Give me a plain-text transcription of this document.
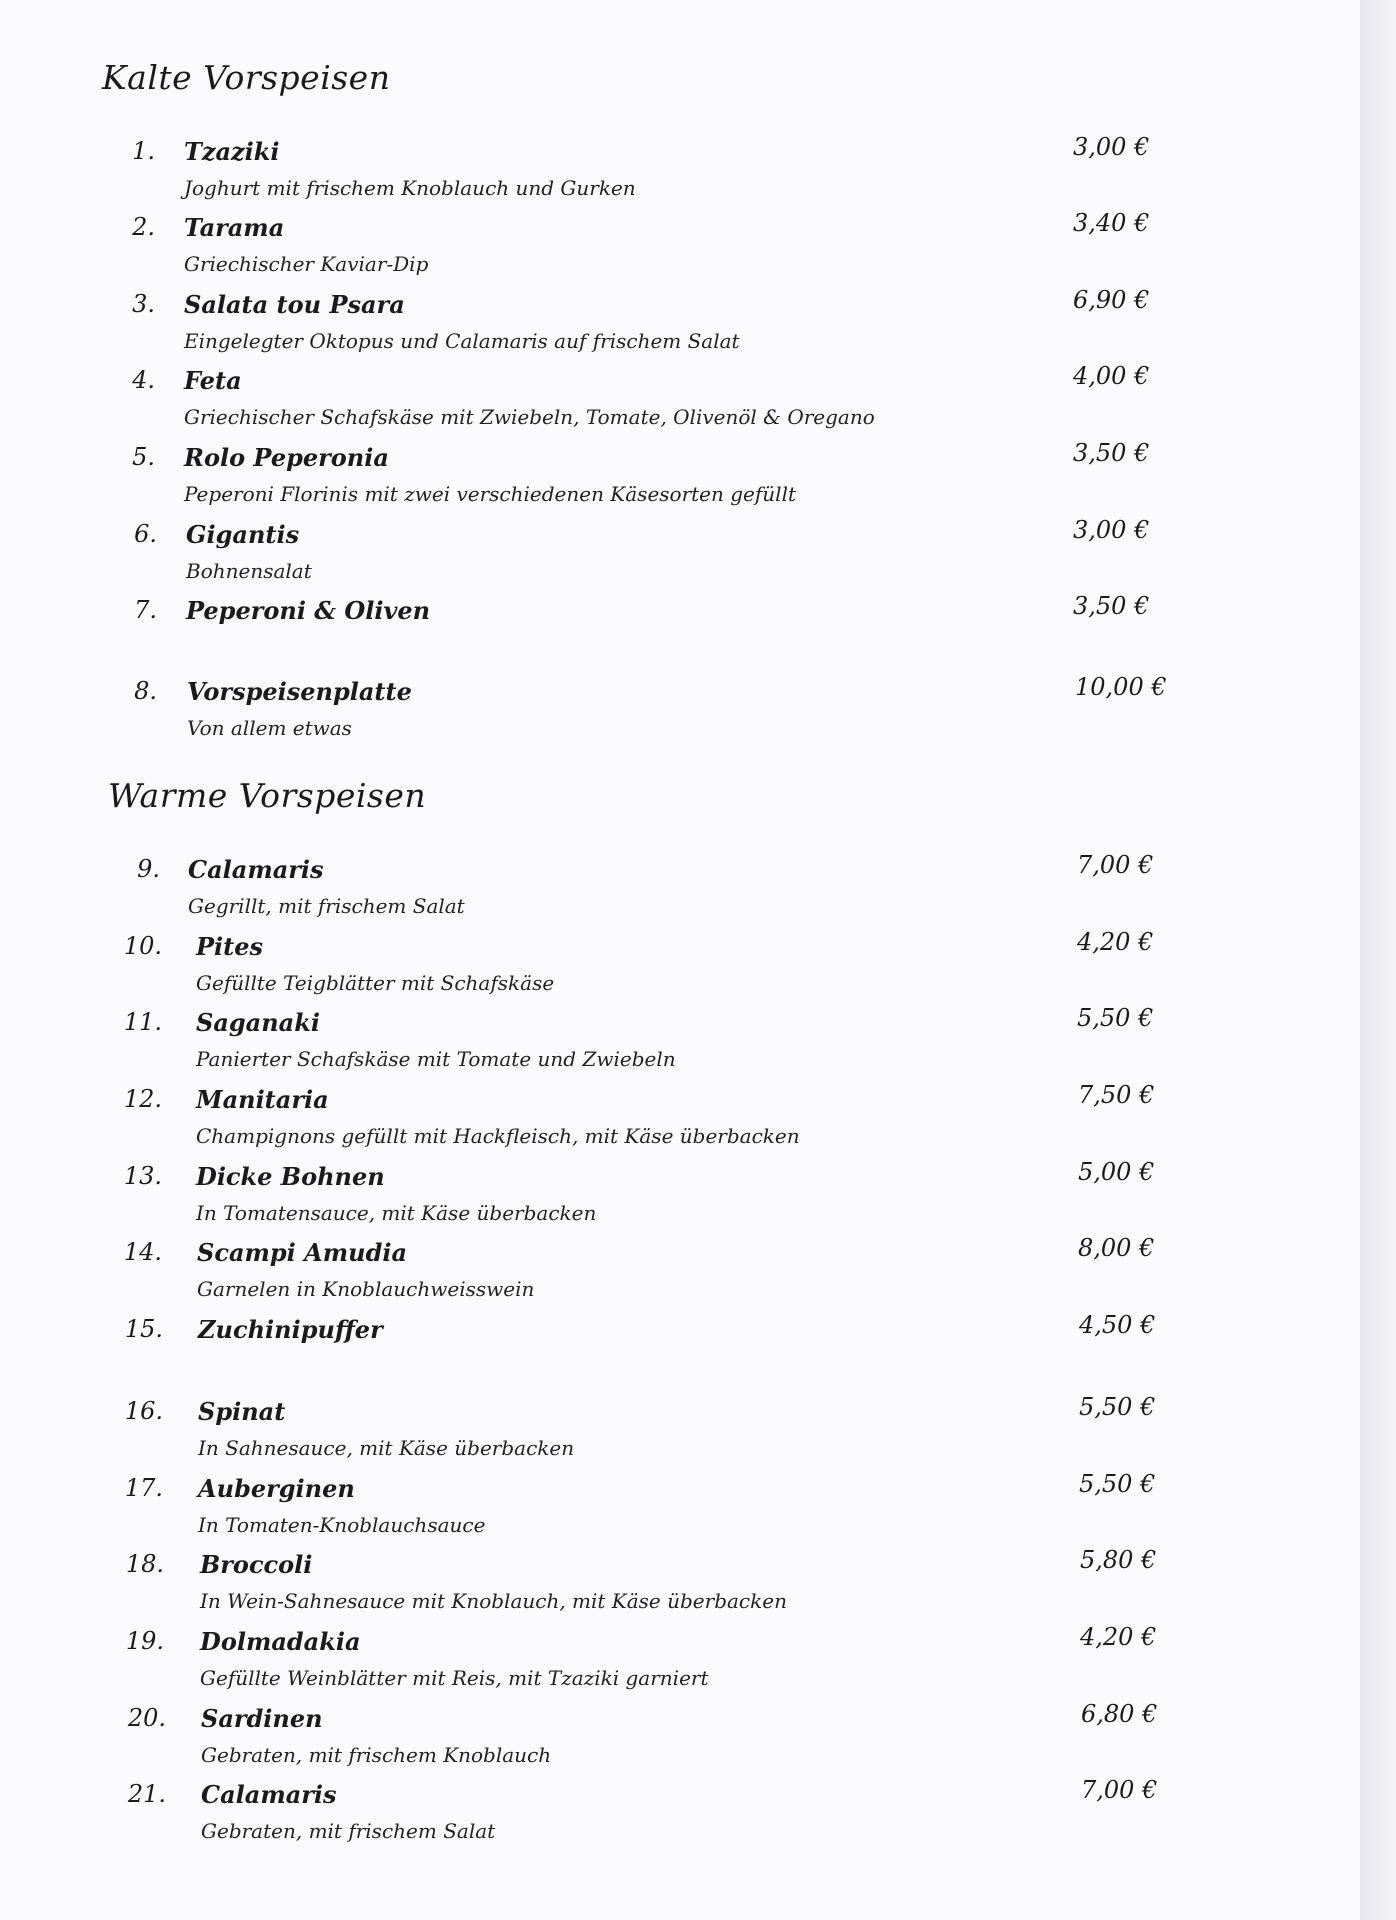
Kalte Vorspeisen
Warme Vorspeisen
1. Tzaziki
Joghurt mit frischem Knoblauch und Gurken
3,00 €
2. Tarama
Griechischer Kaviar-Dip
3,40 €
3. Salata tou Psara
Eingelegter Oktopus und Calamaris auf frischem Salat
6,90 €
4. Feta
Griechischer Schafskäse mit Zwiebeln, Tomate, Olivenöl & Oregano
4,00 €
5. Rolo Peperonia
Peperoni Florinis mit zwei verschiedenen Käsesorten gefüllt
3,50 €
6. Gigantis
Bohnensalat
3,00 €
7. Peperoni & Oliven	3,50 €
8. Vorspeisenplatte
Von allem etwas
10,00 €
9. Calamaris
Gegrillt, mit frischem Salat
7,00 €
10. Pites
Gefüllte Teigblätter mit Schafskäse
4,20 €
11. Saganaki
Panierter Schafskäse mit Tomate und Zwiebeln
5,50 €
12. Manitaria
Champignons gefüllt mit Hackfleisch, mit Käse überbacken
7,50 €
13. Dicke Bohnen
In Tomatensauce, mit Käse überbacken
5,00 €
14. Scampi Amudia
Garnelen in Knoblauchweisswein
8,00 €
15. Zuchinipuffer	4,50 €
16. Spinat
In Sahnesauce, mit Käse überbacken
5,50 €
17. Auberginen
In Tomaten-Knoblauchsauce
5,50 €
18. Broccoli
In Wein-Sahnesauce mit Knoblauch, mit Käse überbacken
5,80 €
19. Dolmadakia
Gefüllte Weinblätter mit Reis, mit Tzaziki garniert
4,20 €
20. Sardinen
Gebraten, mit frischem Knoblauch
6,80 €
21. Calamaris
Gebraten, mit frischem Salat
7,00 €
